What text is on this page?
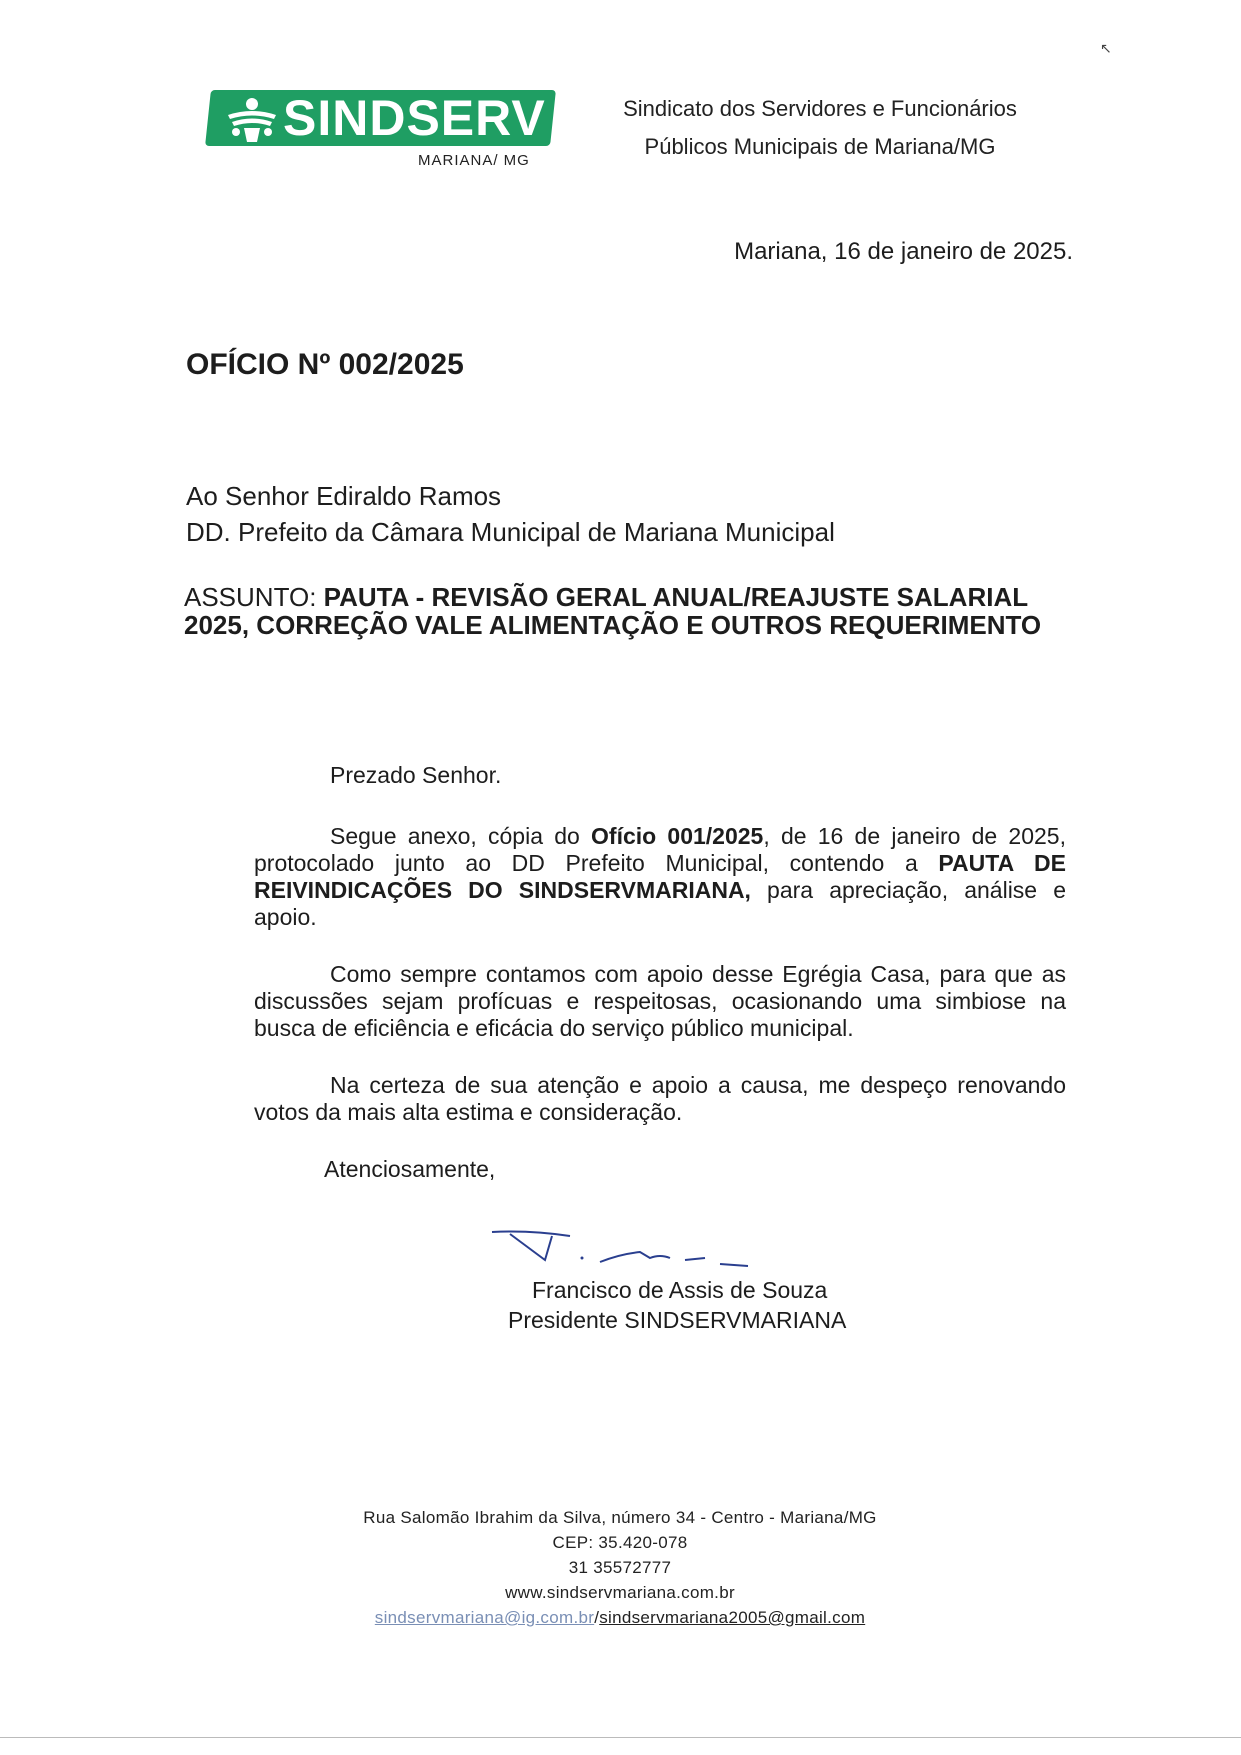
↖
SINDSERV
MARIANA/ MG
Sindicato dos Servidores e Funcionários
Públicos Municipais de Mariana/MG
Mariana, 16 de janeiro de 2025.
OFÍCIO Nº 002/2025
Ao Senhor Ediraldo Ramos
DD. Prefeito da Câmara Municipal de Mariana Municipal
ASSUNTO: PAUTA - REVISÃO GERAL ANUAL/REAJUSTE SALARIAL 2025, CORREÇÃO VALE ALIMENTAÇÃO E OUTROS REQUERIMENTO

Prezado Senhor.

Segue anexo, cópia do Ofício 001/2025, de 16 de janeiro de 2025, protocolado junto ao DD Prefeito Municipal, contendo a PAUTA DE REIVINDICAÇÕES DO SINDSERVMARIANA, para apreciação, análise e apoio.

Como sempre contamos com apoio desse Egrégia Casa, para que as discussões sejam profícuas e respeitosas, ocasionando uma simbiose na busca de eficiência e eficácia do serviço público municipal.

Na certeza de sua atenção e apoio a causa, me despeço renovando votos da mais alta estima e consideração.

Atenciosamente,

Francisco de Assis de Souza
Presidente SINDSERVMARIANA
Rua Salomão Ibrahim da Silva, número 34 - Centro - Mariana/MG
CEP: 35.420-078
31 35572777
www.sindservmariana.com.br
sindservmariana@ig.com.br/sindservmariana2005@gmail.com
